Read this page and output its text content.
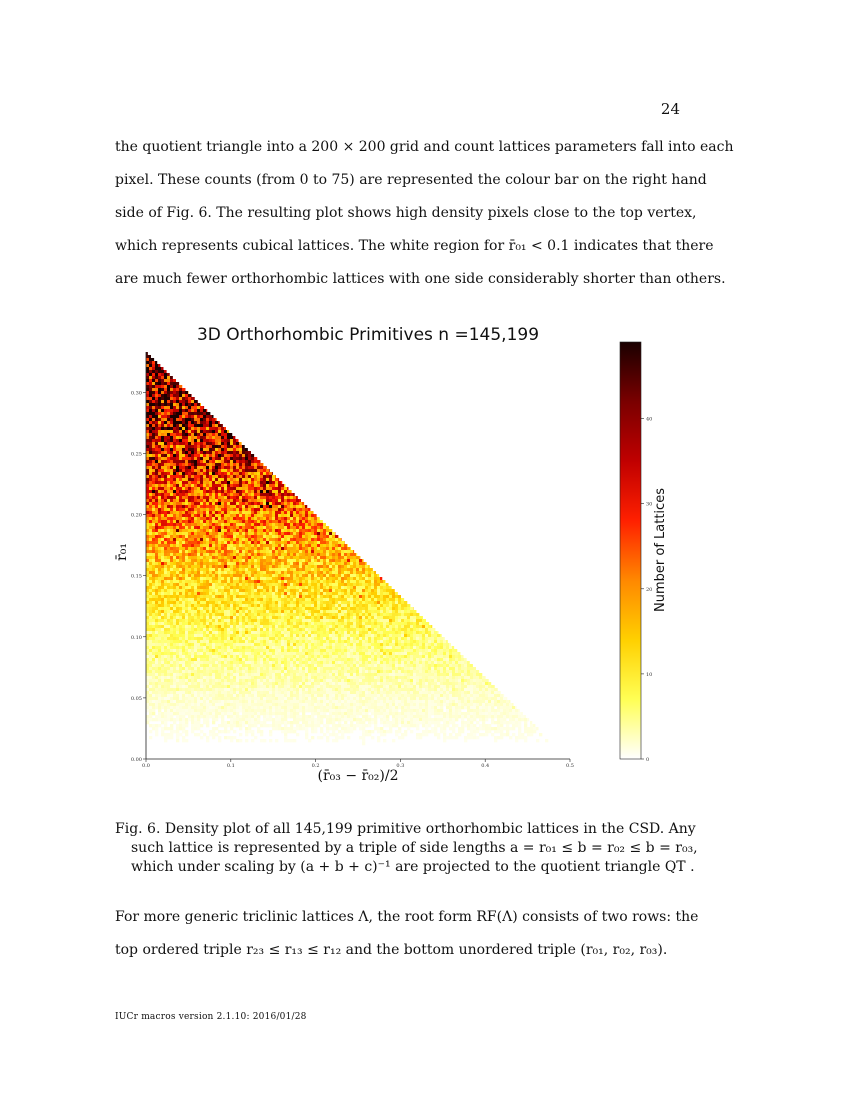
24
the quotient triangle into a 200 × 200 grid and count lattices parameters fall into each
pixel. These counts (from 0 to 75) are represented the colour bar on the right hand
side of Fig. 6. The resulting plot shows high density pixels close to the top vertex,
which represents cubical lattices. The white region for r̄₀₁ < 0.1 indicates that there
are much fewer orthorhombic lattices with one side considerably shorter than others.
3D Orthorhombic Primitives n =145,199
0.0	0.1	0.2	0.3	0.4	0.5
0.00
0.05
0.10
0.15
0.20
0.25
0.30
(r̄₀₃ − r̄₀₂)/2
r̄₀₁
0
10
20
30
40
Number of Lattices
Fig. 6. Density plot of all 145,199 primitive orthorhombic lattices in the CSD. Any
such lattice is represented by a triple of side lengths a = r₀₁ ≤ b = r₀₂ ≤ b = r₀₃,
which under scaling by (a + b + c)⁻¹ are projected to the quotient triangle QT .
For more generic triclinic lattices Λ, the root form RF(Λ) consists of two rows: the
top ordered triple r₂₃ ≤ r₁₃ ≤ r₁₂ and the bottom unordered triple (r₀₁, r₀₂, r₀₃).
IUCr macros version 2.1.10: 2016/01/28
